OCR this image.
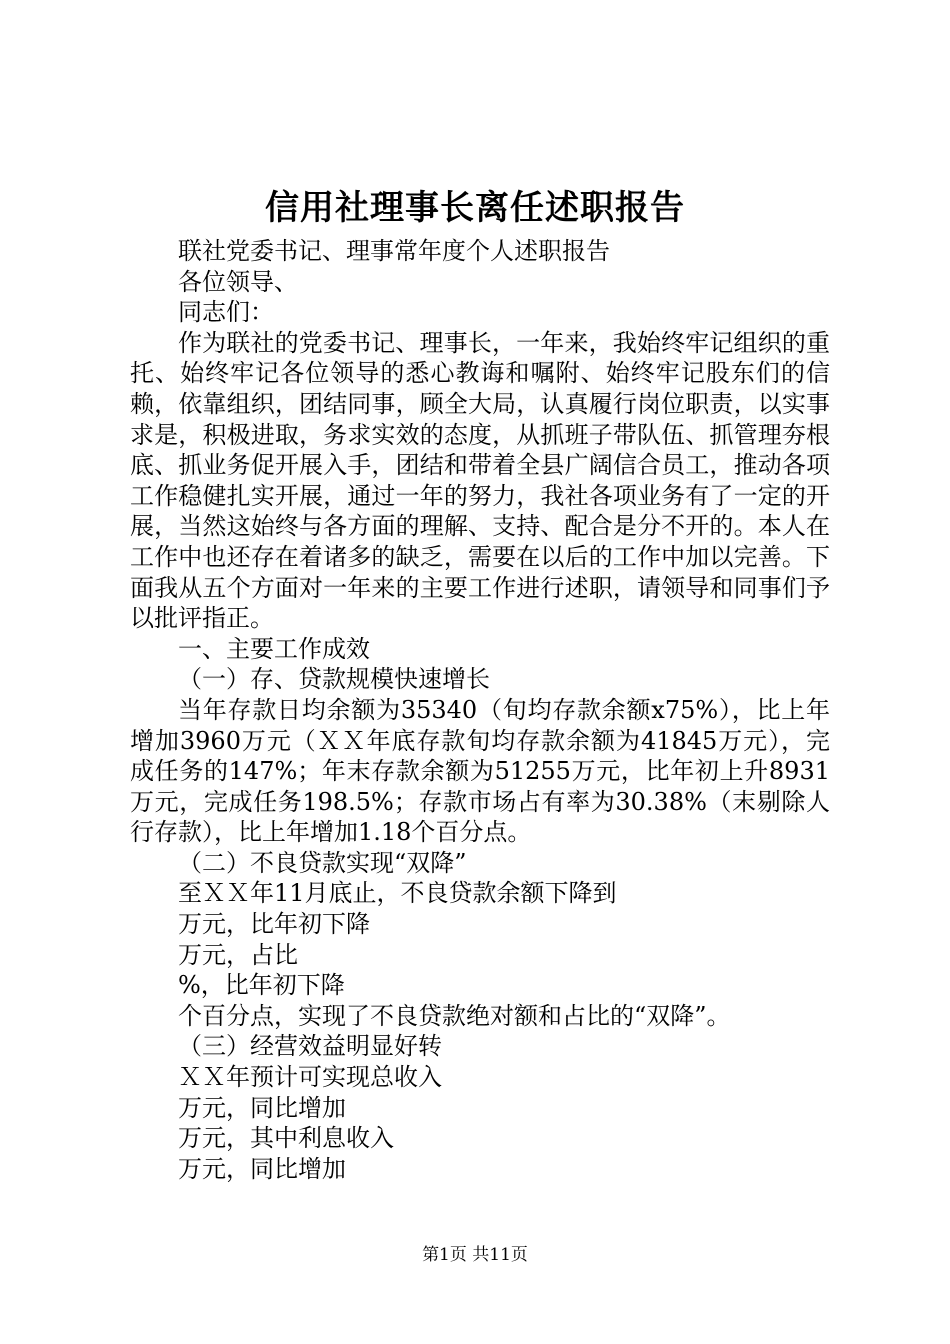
信用社理事长离任述职报告

联社党委书记、理事常年度个人述职报告

各位领导、

同志们：

作为联社的党委书记、理事长，一年来，我始终牢记组织的重托、始终牢记各位领导的悉心教诲和嘱附、始终牢记股东们的信赖，依靠组织，团结同事，顾全大局，认真履行岗位职责，以实事求是，积极进取，务求实效的态度，从抓班子带队伍、抓管理夯根底、抓业务促开展入手，团结和带着全县广阔信合员工，推动各项工作稳健扎实开展，通过一年的努力，我社各项业务有了一定的开展，当然这始终与各方面的理解、支持、配合是分不开的。本人在工作中也还存在着诸多的缺乏，需要在以后的工作中加以完善。下面我从五个方面对一年来的主要工作进行述职，请领导和同事们予以批评指正。

一、主要工作成效

（一）存、贷款规模快速增长

当年存款日均余额为35340（旬均存款余额x75%），比上年增加3960万元（ＸＸ年底存款旬均存款余额为41845万元），完成任务的147%；年末存款余额为51255万元，比年初上升8931万元，完成任务198.5%；存款市场占有率为30.38%（末剔除人行存款），比上年增加1.18个百分点。

（二）不良贷款实现“双降”

至ＸＸ年11月底止，不良贷款余额下降到

万元，比年初下降

万元，占比

%，比年初下降

个百分点，实现了不良贷款绝对额和占比的“双降”。

（三）经营效益明显好转

ＸＸ年预计可实现总收入

万元，同比增加

万元，其中利息收入

万元，同比增加

第1页 共11页
